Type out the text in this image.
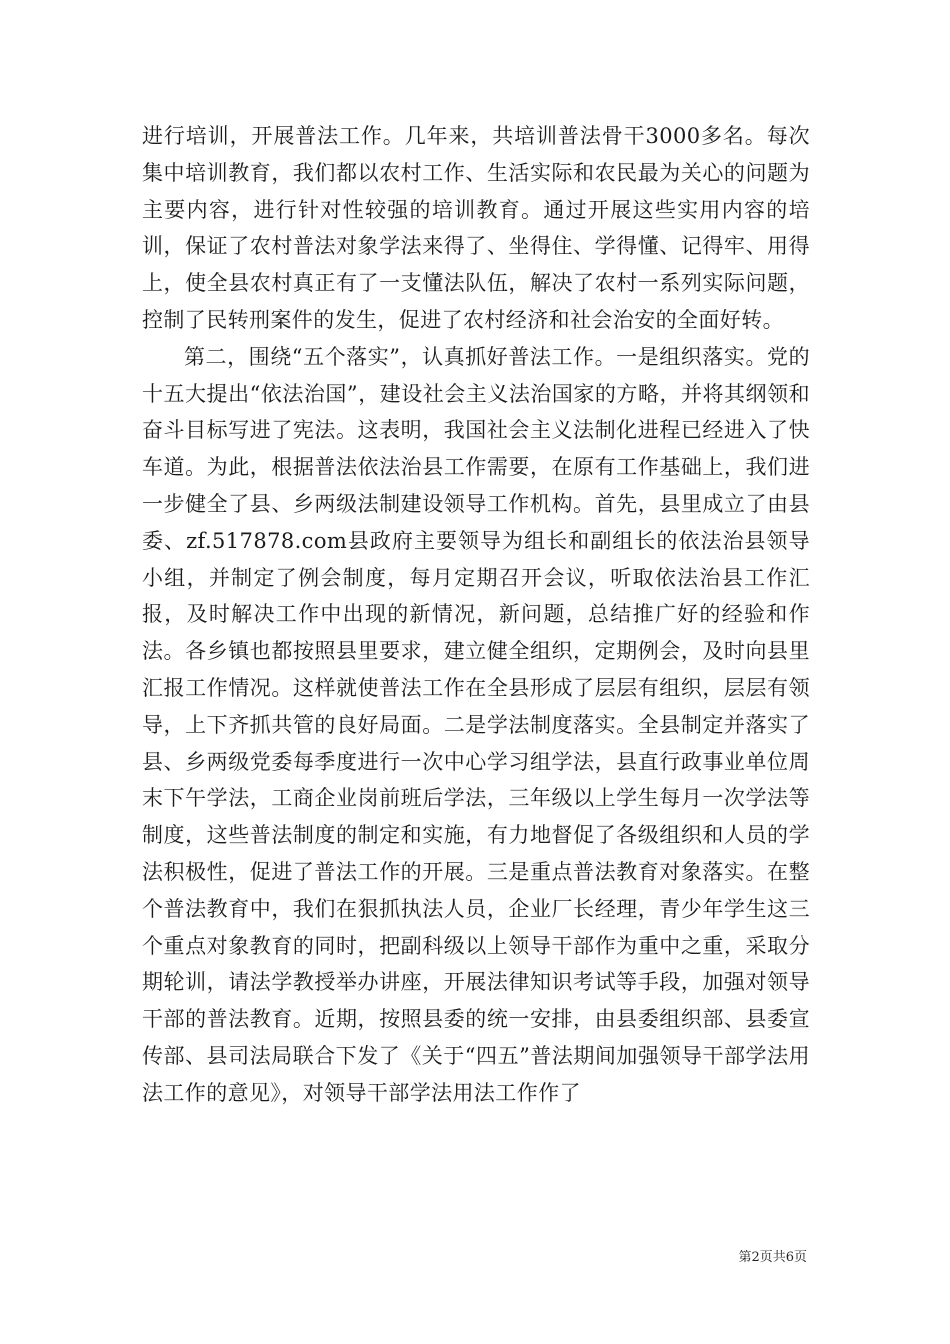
进行培训，开展普法工作。几年来，共培训普法骨干3000多名。每次集中培训教育，我们都以农村工作、生活实际和农民最为关心的问题为主要内容，进行针对性较强的培训教育。通过开展这些实用内容的培训，保证了农村普法对象学法来得了、坐得住、学得懂、记得牢、用得上，使全县农村真正有了一支懂法队伍，解决了农村一系列实际问题，控制了民转刑案件的发生，促进了农村经济和社会治安的全面好转。

第二，围绕“五个落实”，认真抓好普法工作。一是组织落实。党的十五大提出“依法治国”，建设社会主义法治国家的方略，并将其纲领和奋斗目标写进了宪法。这表明，我国社会主义法制化进程已经进入了快车道。为此，根据普法依法治县工作需要，在原有工作基础上，我们进一步健全了县、乡两级法制建设领导工作机构。首先，县里成立了由县委、zf.517878.com县政府主要领导为组长和副组长的依法治县领导小组，并制定了例会制度，每月定期召开会议，听取依法治县工作汇报，及时解决工作中出现的新情况，新问题，总结推广好的经验和作法。各乡镇也都按照县里要求，建立健全组织，定期例会，及时向县里汇报工作情况。这样就使普法工作在全县形成了层层有组织，层层有领导，上下齐抓共管的良好局面。二是学法制度落实。全县制定并落实了县、乡两级党委每季度进行一次中心学习组学法，县直行政事业单位周末下午学法，工商企业岗前班后学法，三年级以上学生每月一次学法等制度，这些普法制度的制定和实施，有力地督促了各级组织和人员的学法积极性，促进了普法工作的开展。三是重点普法教育对象落实。在整个普法教育中，我们在狠抓执法人员，企业厂长经理，青少年学生这三个重点对象教育的同时，把副科级以上领导干部作为重中之重，采取分期轮训，请法学教授举办讲座，开展法律知识考试等手段，加强对领导干部的普法教育。近期，按照县委的统一安排，由县委组织部、县委宣传部、县司法局联合下发了《关于“四五”普法期间加强领导干部学法用法工作的意见》，对领导干部学法用法工作作了

第2页共6页
